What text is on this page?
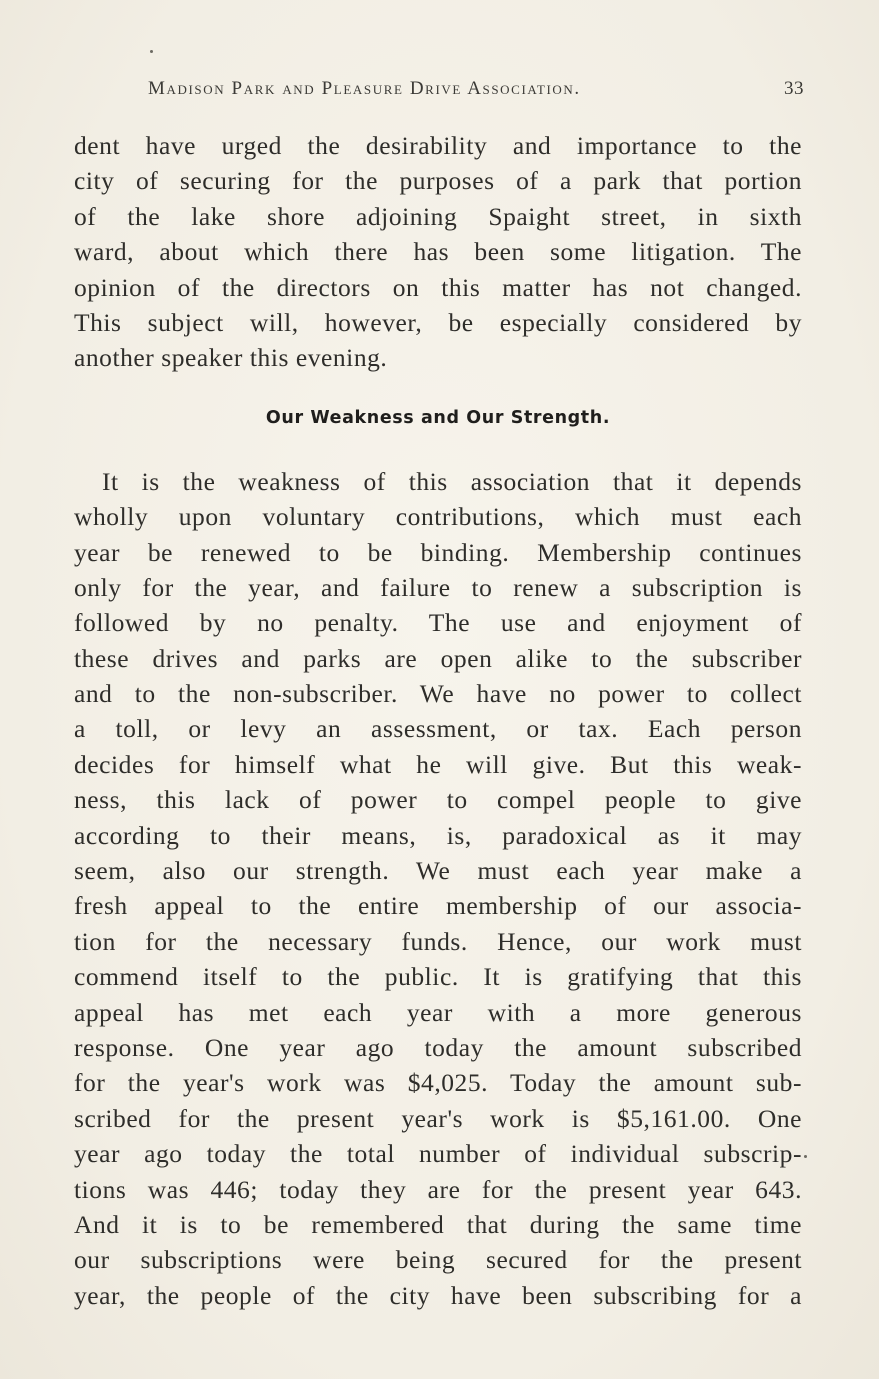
Madison Park and Pleasure Drive Association.	33

dent have urged the desirability and importance to the
city of securing for the purposes of a park that portion
of the lake shore adjoining Spaight street, in sixth
ward, about which there has been some litigation. The
opinion of the directors on this matter has not changed.
This subject will, however, be especially considered by
another speaker this evening.

Our Weakness and Our Strength.

It is the weakness of this association that it depends
wholly upon voluntary contributions, which must each
year be renewed to be binding. Membership continues
only for the year, and failure to renew a subscription is
followed by no penalty. The use and enjoyment of
these drives and parks are open alike to the subscriber
and to the non-subscriber. We have no power to collect
a toll, or levy an assessment, or tax. Each person
decides for himself what he will give. But this weak-
ness, this lack of power to compel people to give
according to their means, is, paradoxical as it may
seem, also our strength. We must each year make a
fresh appeal to the entire membership of our associa-
tion for the necessary funds. Hence, our work must
commend itself to the public. It is gratifying that this
appeal has met each year with a more generous
response. One year ago today the amount subscribed
for the year's work was $4,025. Today the amount sub-
scribed for the present year's work is $5,161.00. One
year ago today the total number of individual subscrip-
tions was 446; today they are for the present year 643.
And it is to be remembered that during the same time
our subscriptions were being secured for the present
year, the people of the city have been subscribing for a
